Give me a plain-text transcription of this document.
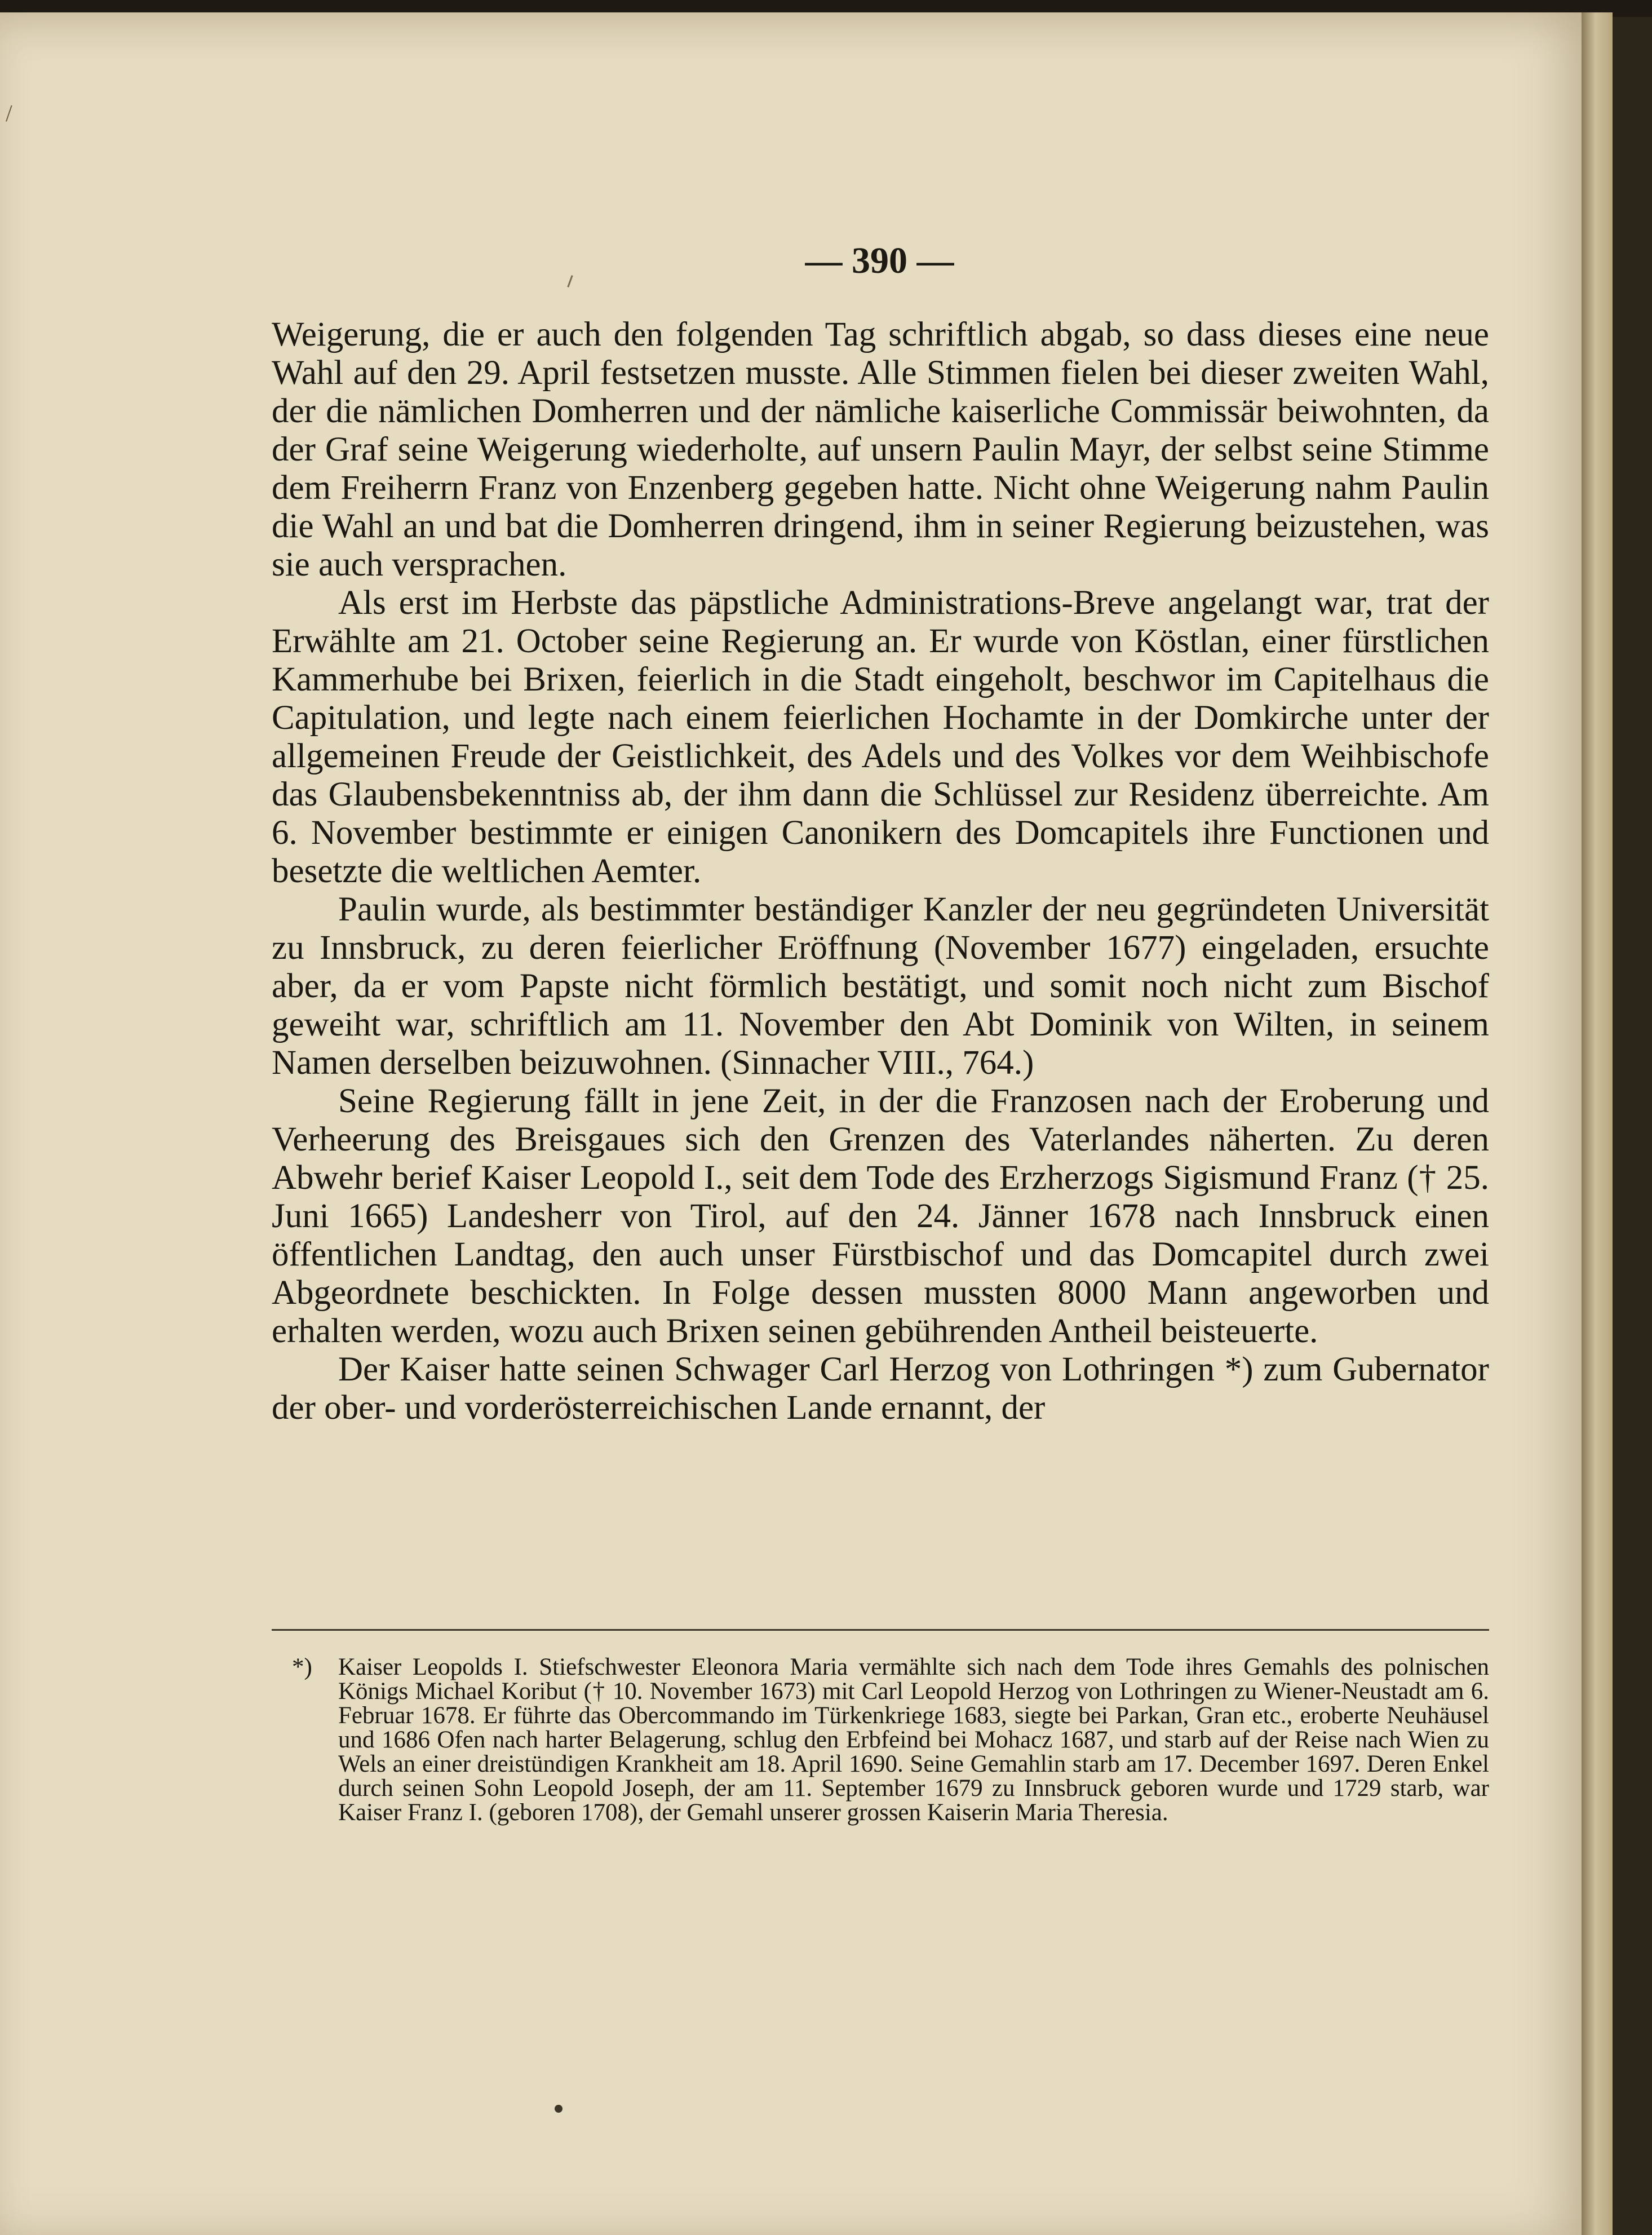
/
— 390 —

Weigerung, die er auch den folgenden Tag schriftlich abgab, so dass dieses eine neue Wahl auf den 29. April festsetzen musste. Alle Stimmen fielen bei dieser zweiten Wahl, der die nämlichen Domherren und der nämliche kaiserliche Commissär beiwohnten, da der Graf seine Weigerung wiederholte, auf unsern Paulin Mayr, der selbst seine Stimme dem Freiherrn Franz von Enzenberg gegeben hatte. Nicht ohne Weigerung nahm Paulin die Wahl an und bat die Domherren dringend, ihm in seiner Regierung beizustehen, was sie auch versprachen.

Als erst im Herbste das päpstliche Administrations-Breve angelangt war, trat der Erwählte am 21. October seine Regierung an. Er wurde von Köstlan, einer fürstlichen Kammerhube bei Brixen, feierlich in die Stadt eingeholt, beschwor im Capitelhaus die Capitulation, und legte nach einem feierlichen Hochamte in der Domkirche unter der allgemeinen Freude der Geistlichkeit, des Adels und des Volkes vor dem Weihbischofe das Glaubensbekenntniss ab, der ihm dann die Schlüssel zur Residenz überreichte. Am 6. November bestimmte er einigen Canonikern des Domcapitels ihre Functionen und besetzte die weltlichen Aemter.

Paulin wurde, als bestimmter beständiger Kanzler der neu gegründeten Universität zu Innsbruck, zu deren feierlicher Eröffnung (November 1677) eingeladen, ersuchte aber, da er vom Papste nicht förmlich bestätigt, und somit noch nicht zum Bischof geweiht war, schriftlich am 11. November den Abt Dominik von Wilten, in seinem Namen derselben beizuwohnen. (Sinnacher VIII., 764.)

Seine Regierung fällt in jene Zeit, in der die Franzosen nach der Eroberung und Verheerung des Breisgaues sich den Grenzen des Vaterlandes näherten. Zu deren Abwehr berief Kaiser Leopold I., seit dem Tode des Erzherzogs Sigismund Franz († 25. Juni 1665) Landesherr von Tirol, auf den 24. Jänner 1678 nach Innsbruck einen öffentlichen Landtag, den auch unser Fürstbischof und das Domcapitel durch zwei Abgeordnete beschickten. In Folge dessen mussten 8000 Mann angeworben und erhalten werden, wozu auch Brixen seinen gebührenden Antheil beisteuerte.

Der Kaiser hatte seinen Schwager Carl Herzog von Lothringen *) zum Gubernator der ober- und vorderösterreichischen Lande ernannt, der

*)	Kaiser Leopolds I. Stiefschwester Eleonora Maria vermählte sich nach dem Tode ihres Gemahls des polnischen Königs Michael Koribut († 10. November 1673) mit Carl Leopold Herzog von Lothringen zu Wiener-Neustadt am 6. Februar 1678. Er führte das Obercommando im Türkenkriege 1683, siegte bei Parkan, Gran etc., eroberte Neuhäusel und 1686 Ofen nach harter Belagerung, schlug den Erbfeind bei Mohacz 1687, und starb auf der Reise nach Wien zu Wels an einer dreistündigen Krankheit am 18. April 1690. Seine Gemahlin starb am 17. December 1697. Deren Enkel durch seinen Sohn Leopold Joseph, der am 11. September 1679 zu Innsbruck geboren wurde und 1729 starb, war Kaiser Franz I. (geboren 1708), der Gemahl unserer grossen Kaiserin Maria Theresia.
